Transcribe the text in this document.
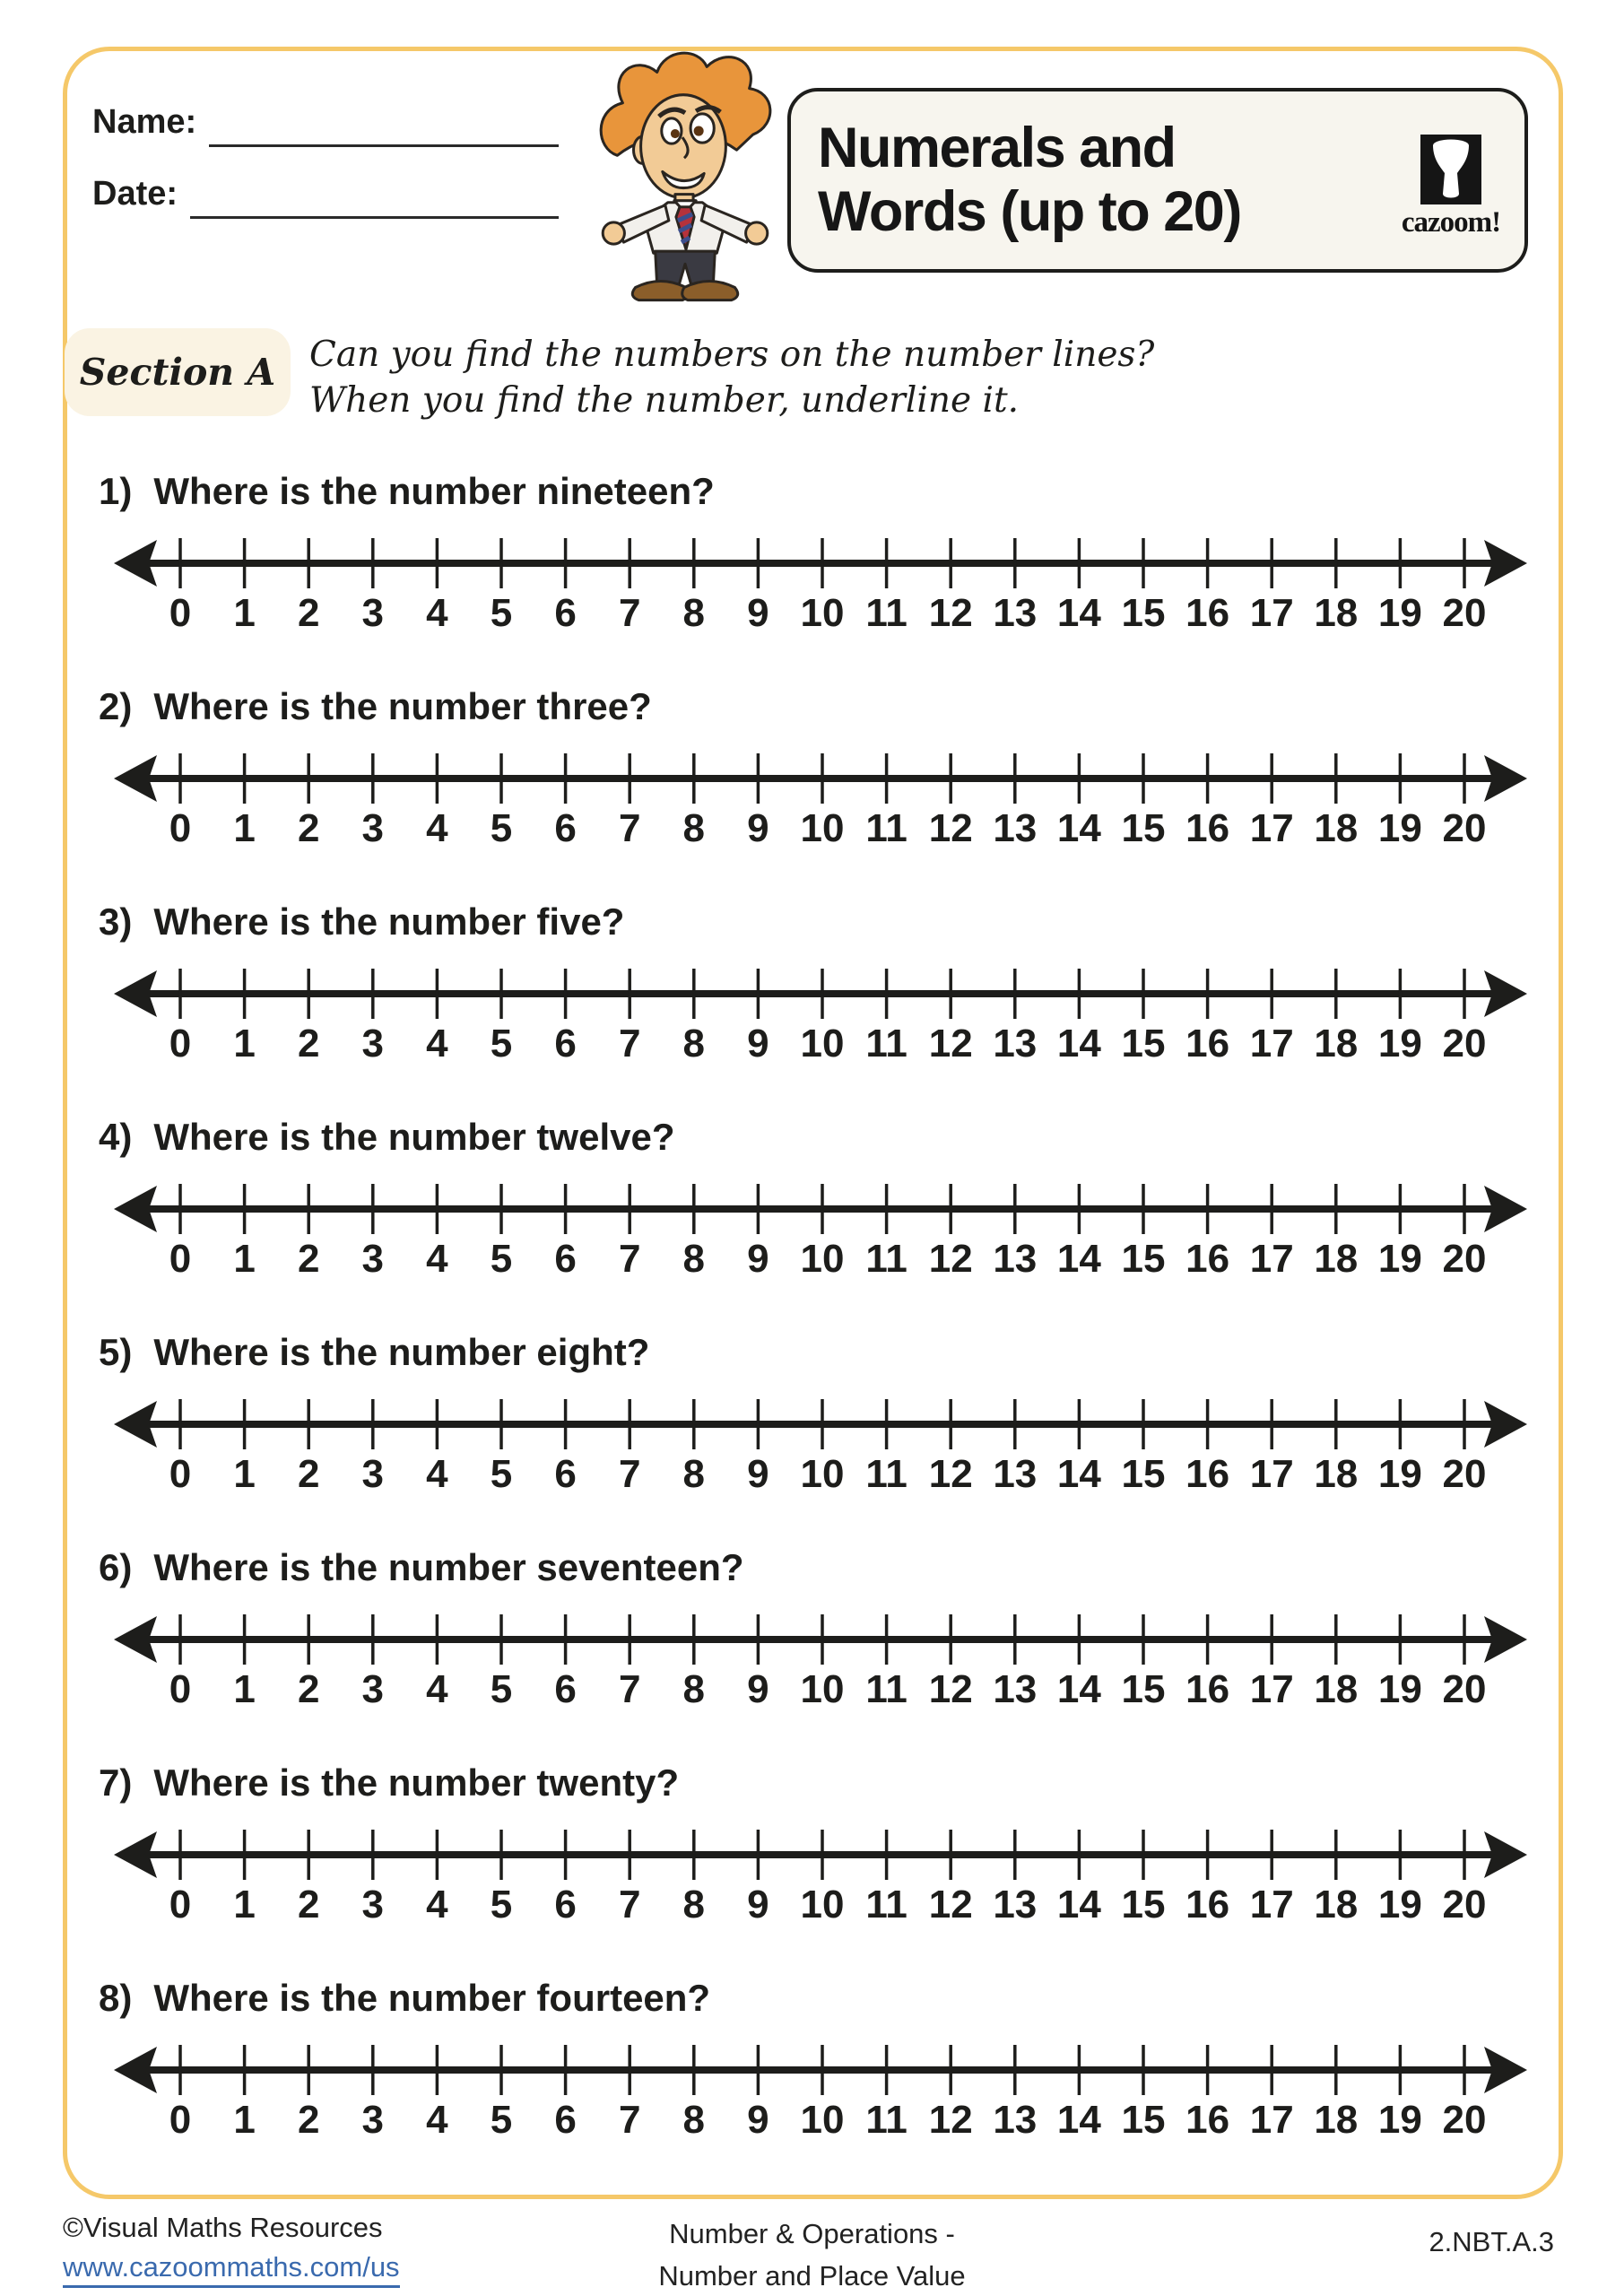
Name:
Date:
Numerals and
Words (up to 20)	cazoom!
Section A Can you find the numbers on the number lines?
When you find the number, underline it.
1) Where is the number nineteen?
0 1 2 3 4 5 6 7 8 9 10 11 12 13 14 15 16 17 18 19 20
2) Where is the number three?
0 1 2 3 4 5 6 7 8 9 10 11 12 13 14 15 16 17 18 19 20
3) Where is the number five?
0 1 2 3 4 5 6 7 8 9 10 11 12 13 14 15 16 17 18 19 20
4) Where is the number twelve?
0 1 2 3 4 5 6 7 8 9 10 11 12 13 14 15 16 17 18 19 20
5) Where is the number eight?
0 1 2 3 4 5 6 7 8 9 10 11 12 13 14 15 16 17 18 19 20
6) Where is the number seventeen?
0 1 2 3 4 5 6 7 8 9 10 11 12 13 14 15 16 17 18 19 20
7) Where is the number twenty?
0 1 2 3 4 5 6 7 8 9 10 11 12 13 14 15 16 17 18 19 20
8) Where is the number fourteen?
0 1 2 3 4 5 6 7 8 9 10 11 12 13 14 15 16 17 18 19 20
©Visual Maths Resources
www.cazoommaths.com/us
Number & Operations -
Number and Place Value
2.NBT.A.3
